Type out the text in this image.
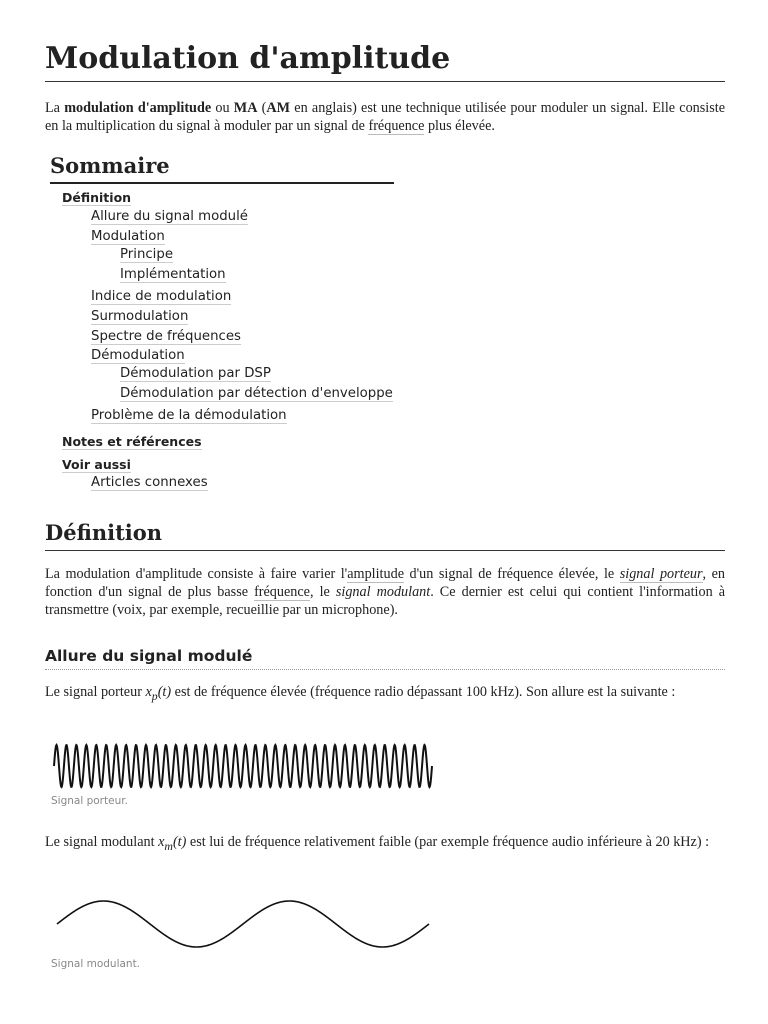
Modulation d'amplitude

La modulation d'amplitude ou MA (AM en anglais) est une technique utilisée pour moduler un signal. Elle consiste en la multiplication du signal à moduler par un signal de fréquence plus élevée.

Sommaire
Définition
Allure du signal modulé
Modulation
Principe
Implémentation
Indice de modulation
Surmodulation
Spectre de fréquences
Démodulation
Démodulation par DSP
Démodulation par détection d'enveloppe
Problème de la démodulation
Notes et références
Voir aussi
Articles connexes
Définition

La modulation d'amplitude consiste à faire varier l'amplitude d'un signal de fréquence élevée, le signal porteur, en fonction d'un signal de plus basse fréquence, le signal modulant. Ce dernier est celui qui contient l'information à transmettre (voix, par exemple, recueillie par un microphone).

Allure du signal modulé

Le signal porteur $x_p(t)$ est de fréquence élevée (fréquence radio dépassant 100 kHz). Son allure est la suivante :

Signal porteur.

Le signal modulant $x_m(t)$ est lui de fréquence relativement faible (par exemple fréquence audio inférieure à 20 kHz) :

Signal modulant.
